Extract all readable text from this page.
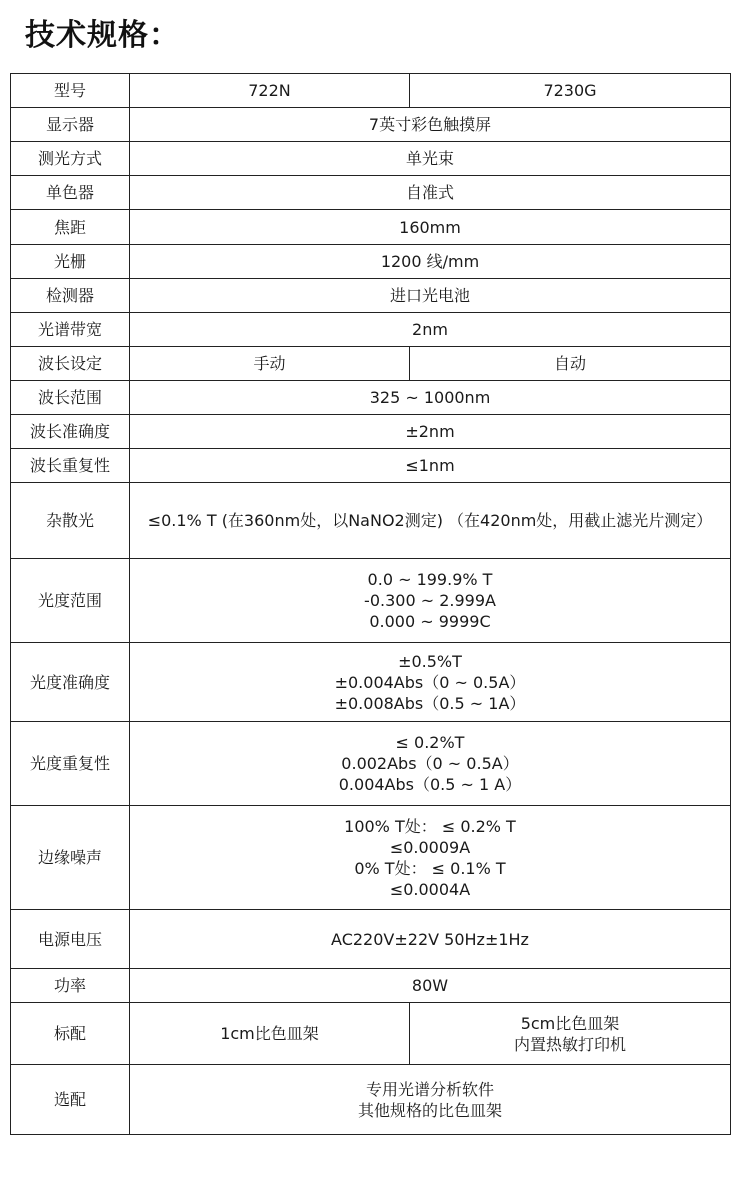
技术规格：
型号	722N	7230G
显示器	7英寸彩色触摸屏	
测光方式	单光束	
单色器	自准式	
焦距	160mm	
光栅	1200 线/mm	
检测器	进口光电池	
光谱带宽	2nm	
波长设定	手动	自动
波长范围	325 ~ 1000nm	
波长准确度	±2nm	
波长重复性	≤1nm	
杂散光	≤0.1% T (在360nm处，以NaNO2测定) （在420nm处，用截止滤光片测定）	
光度范围	0.0 ~ 199.9% T
-0.300 ~ 2.999A
0.000 ~ 9999C	

光度准确度	±0.5%T
±0.004Abs（0 ~ 0.5A）
±0.008Abs（0.5 ~ 1A）	

光度重复性	≤ 0.2%T
0.002Abs（0 ~ 0.5A）
0.004Abs（0.5 ~ 1 A）	

边缘噪声	100% T处： ≤ 0.2% T
≤0.0009A
0% T处： ≤ 0.1% T
≤0.0004A	

电源电压	AC220V±22V 50Hz±1Hz	
功率	80W	
标配	1cm比色皿架	5cm比色皿架
内置热敏打印机

选配	专用光谱分析软件
其他规格的比色皿架	
